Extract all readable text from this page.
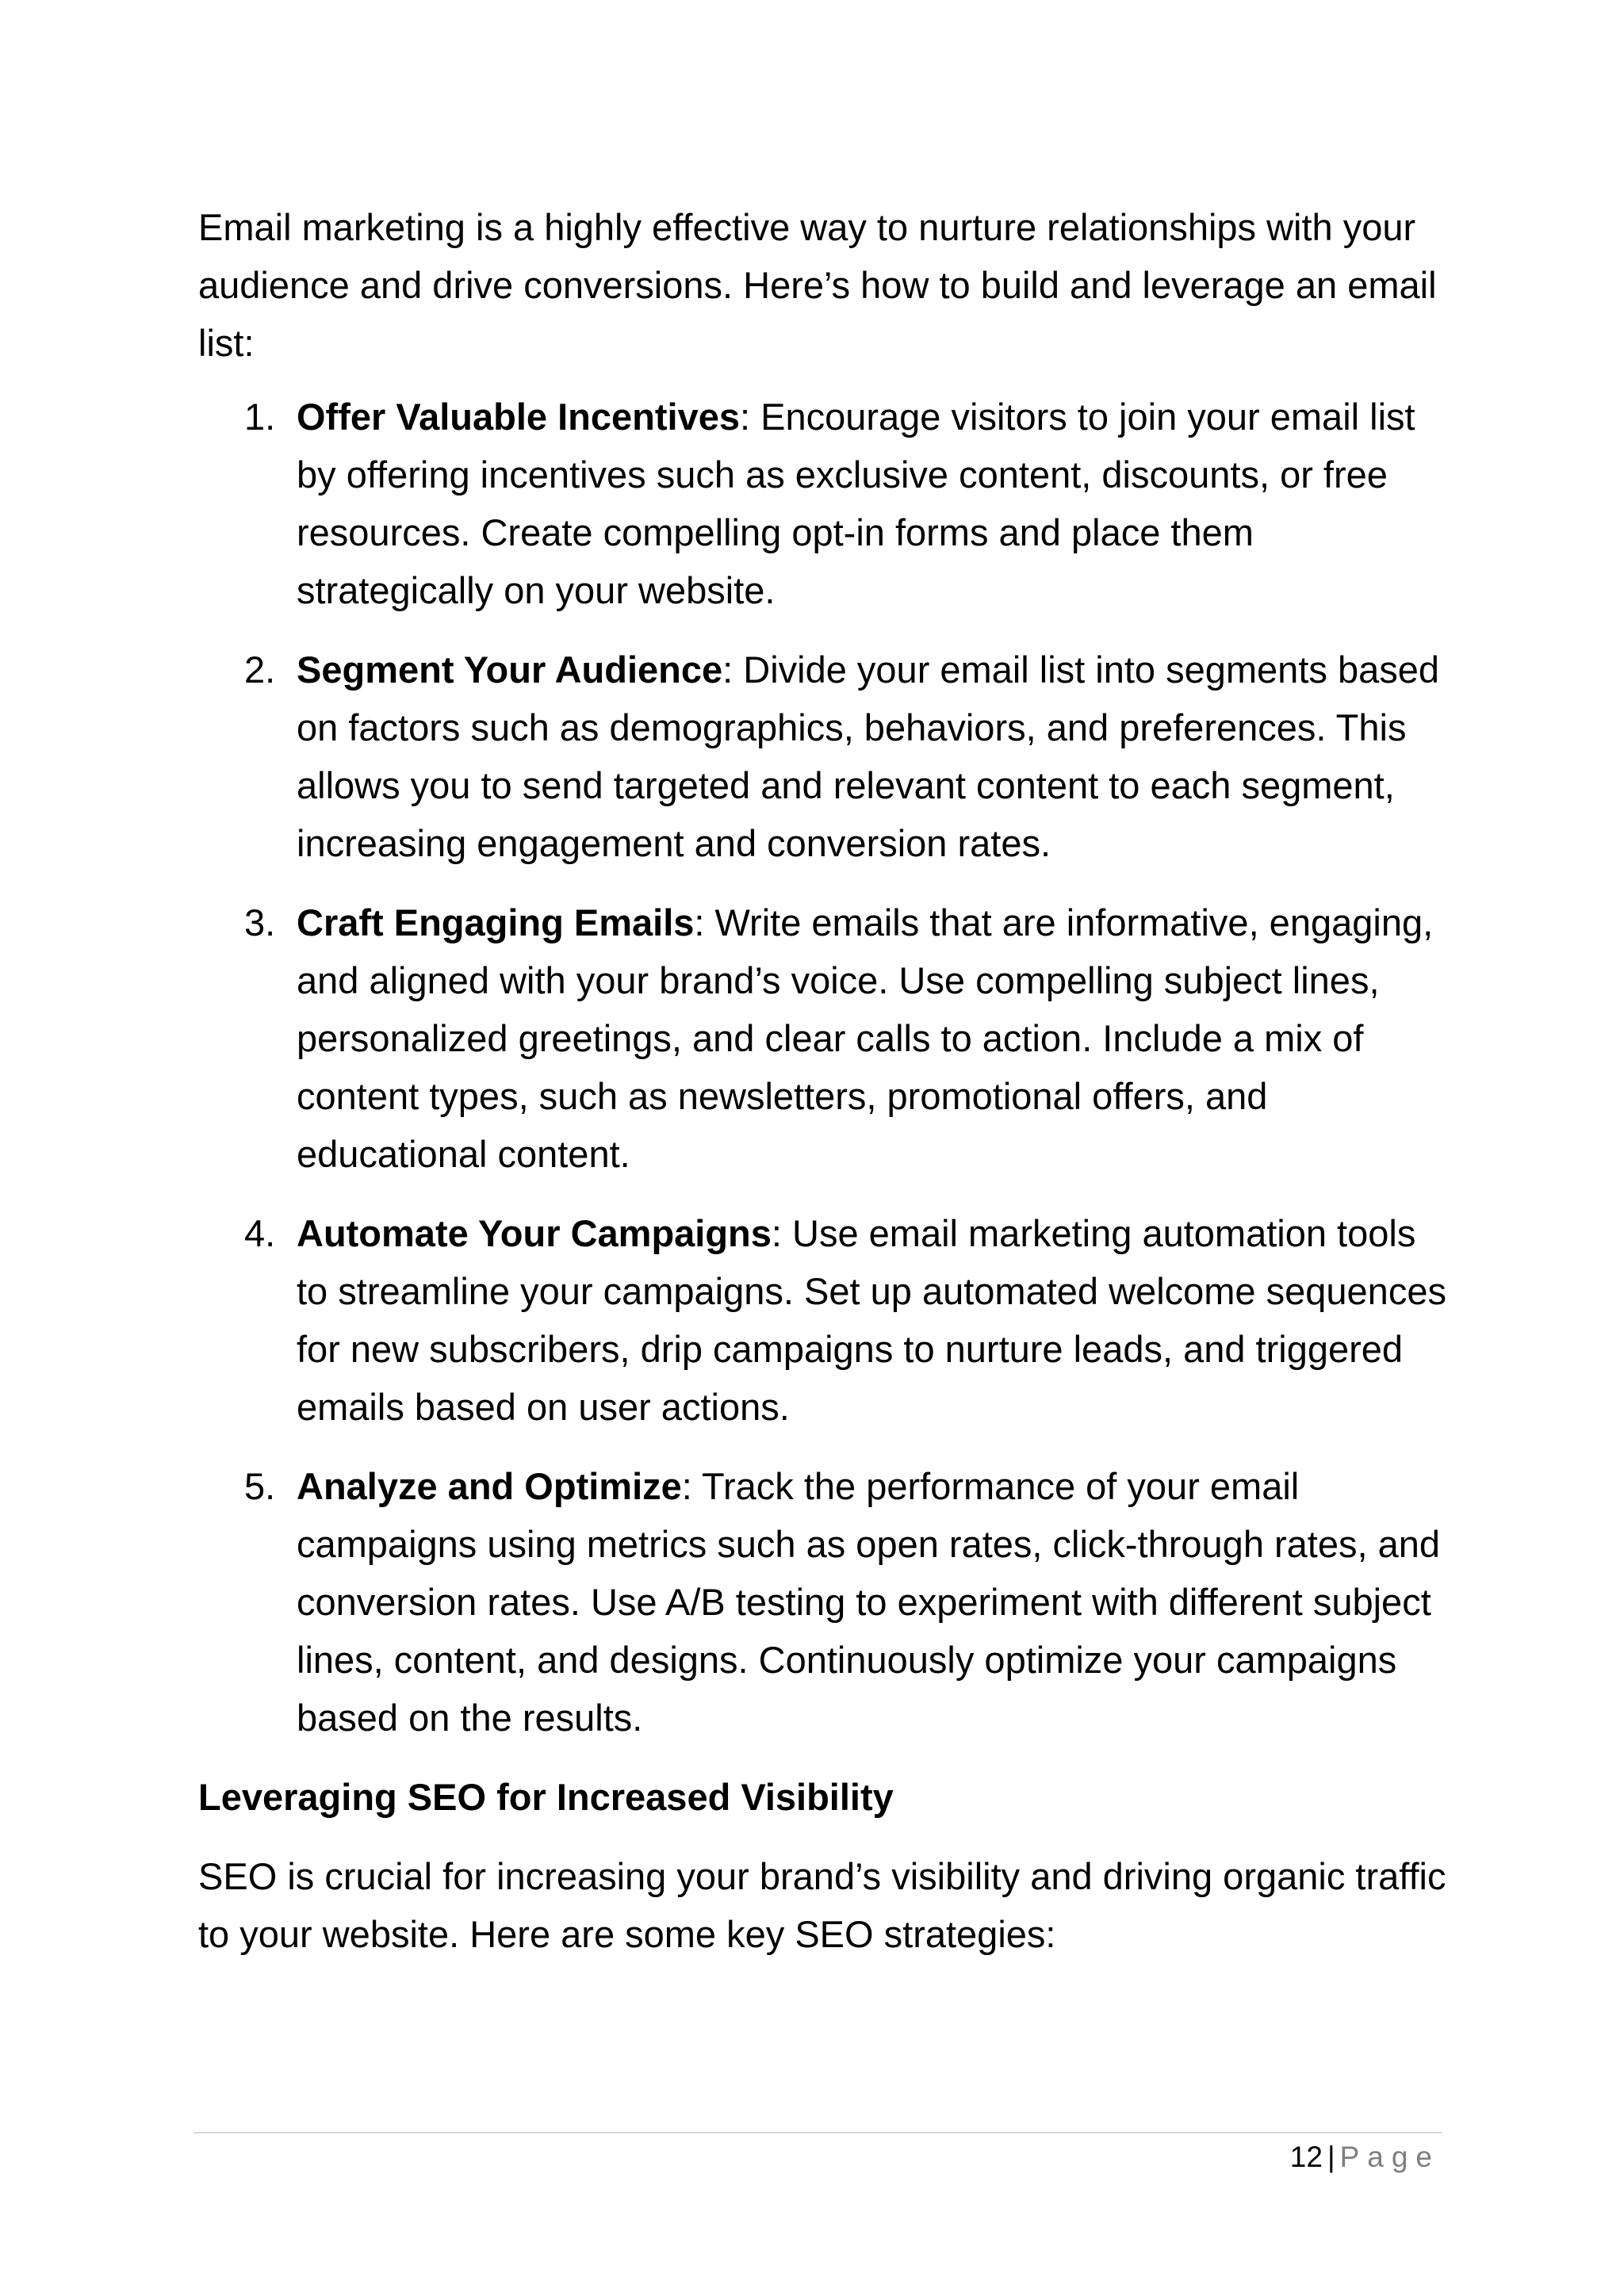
Email marketing is a highly effective way to nurture relationships with your audience and drive conversions. Here’s how to build and leverage an email list:

1. Offer Valuable Incentives: Encourage visitors to join your email list by offering incentives such as exclusive content, discounts, or free resources. Create compelling opt-in forms and place them strategically on your website.
2. Segment Your Audience: Divide your email list into segments based on factors such as demographics, behaviors, and preferences. This allows you to send targeted and relevant content to each segment, increasing engagement and conversion rates.
3. Craft Engaging Emails: Write emails that are informative, engaging, and aligned with your brand’s voice. Use compelling subject lines, personalized greetings, and clear calls to action. Include a mix of content types, such as newsletters, promotional offers, and educational content.
4. Automate Your Campaigns: Use email marketing automation tools to streamline your campaigns. Set up automated welcome sequences for new subscribers, drip campaigns to nurture leads, and triggered emails based on user actions.
5. Analyze and Optimize: Track the performance of your email campaigns using metrics such as open rates, click-through rates, and conversion rates. Use A/B testing to experiment with different subject lines, content, and designs. Continuously optimize your campaigns based on the results.
Leveraging SEO for Increased Visibility

SEO is crucial for increasing your brand’s visibility and driving organic traffic to your website. Here are some key SEO strategies:

12 | Page
